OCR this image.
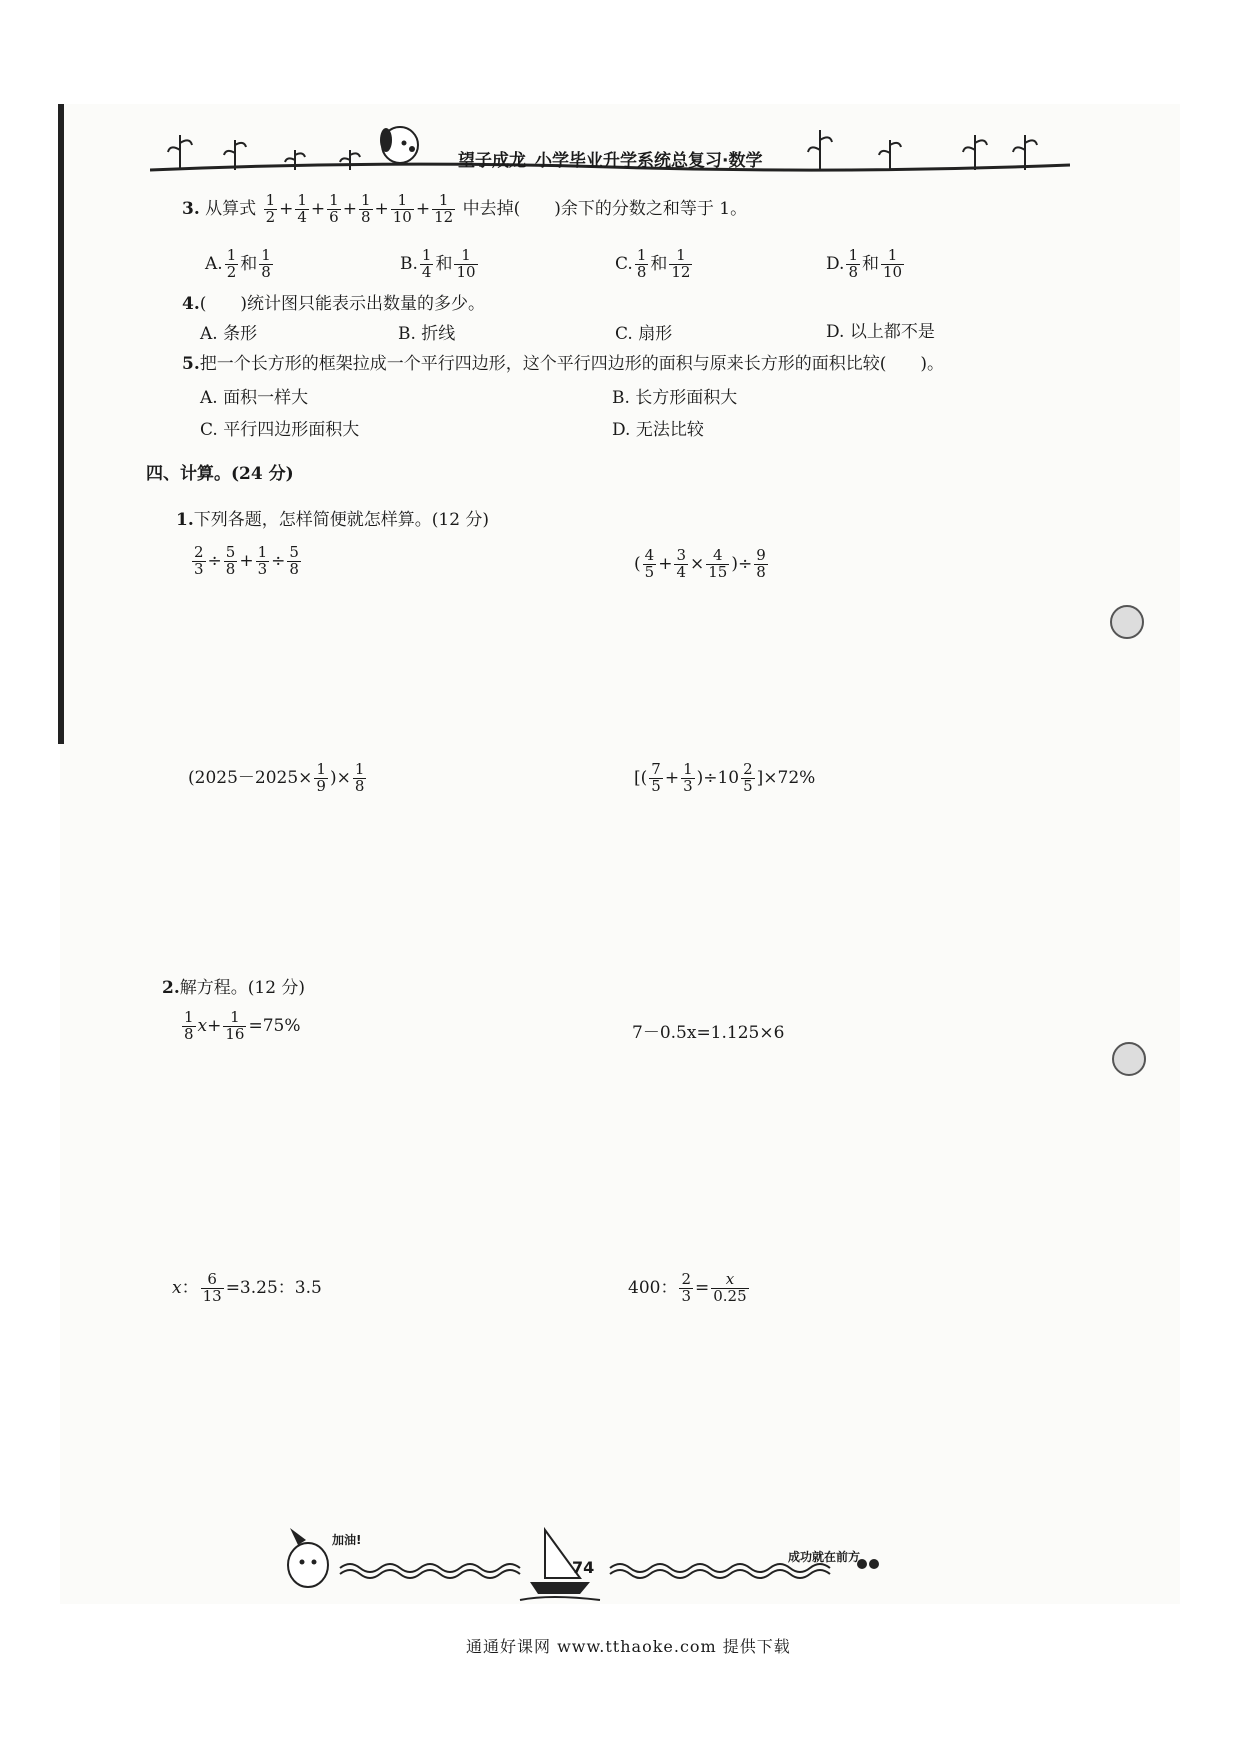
望子成龙 小学毕业升学系统总复习·数学
3. 从算式 $\frac{1}{2} + \frac{1}{4} + \frac{1}{6} + \frac{1}{8} + \frac{1}{10} + \frac{1}{12}$ 中去掉(　　)余下的分数之和等于 1。
A. $\frac{1}{2}$ 和 $\frac{1}{8}$	B. $\frac{1}{4}$ 和 $\frac{1}{10}$	C. $\frac{1}{8}$ 和 $\frac{1}{12}$	D. $\frac{1}{8}$ 和 $\frac{1}{10}$
4.(　　)统计图只能表示出数量的多少。
A. 条形	B. 折线	C. 扇形	D. 以上都不是
5.把一个长方形的框架拉成一个平行四边形，这个平行四边形的面积与原来长方形的面积比较(　　)。
A. 面积一样大	B. 长方形面积大
C. 平行四边形面积大	D. 无法比较
四、计算。(24 分)
1.下列各题，怎样简便就怎样算。(12 分)
$\frac{2}{3} \div \frac{5}{8} + \frac{1}{3} \div \frac{5}{8}$	( $\frac{4}{5} + \frac{3}{4} \times \frac{4}{15}$ )÷ $\frac{9}{8}$
($2025-2025\times \frac{1}{9}$ )× $\frac{1}{8}$	[( $\frac{7}{5} + \frac{1}{3} )\div 10 \frac{2}{5} ]\times 72\%$
2.解方程。(12 分)
$\frac{1}{8} x+ \frac{1}{16} =75\%$	7－0.5x=1.125×6
x： $\frac{6}{13} =3.25$：3.5	400： $\frac{2}{3} = \frac{x}{0.25}$
加油!
74
成功就在前方
通通好课网 www.tthaoke.com 提供下载
